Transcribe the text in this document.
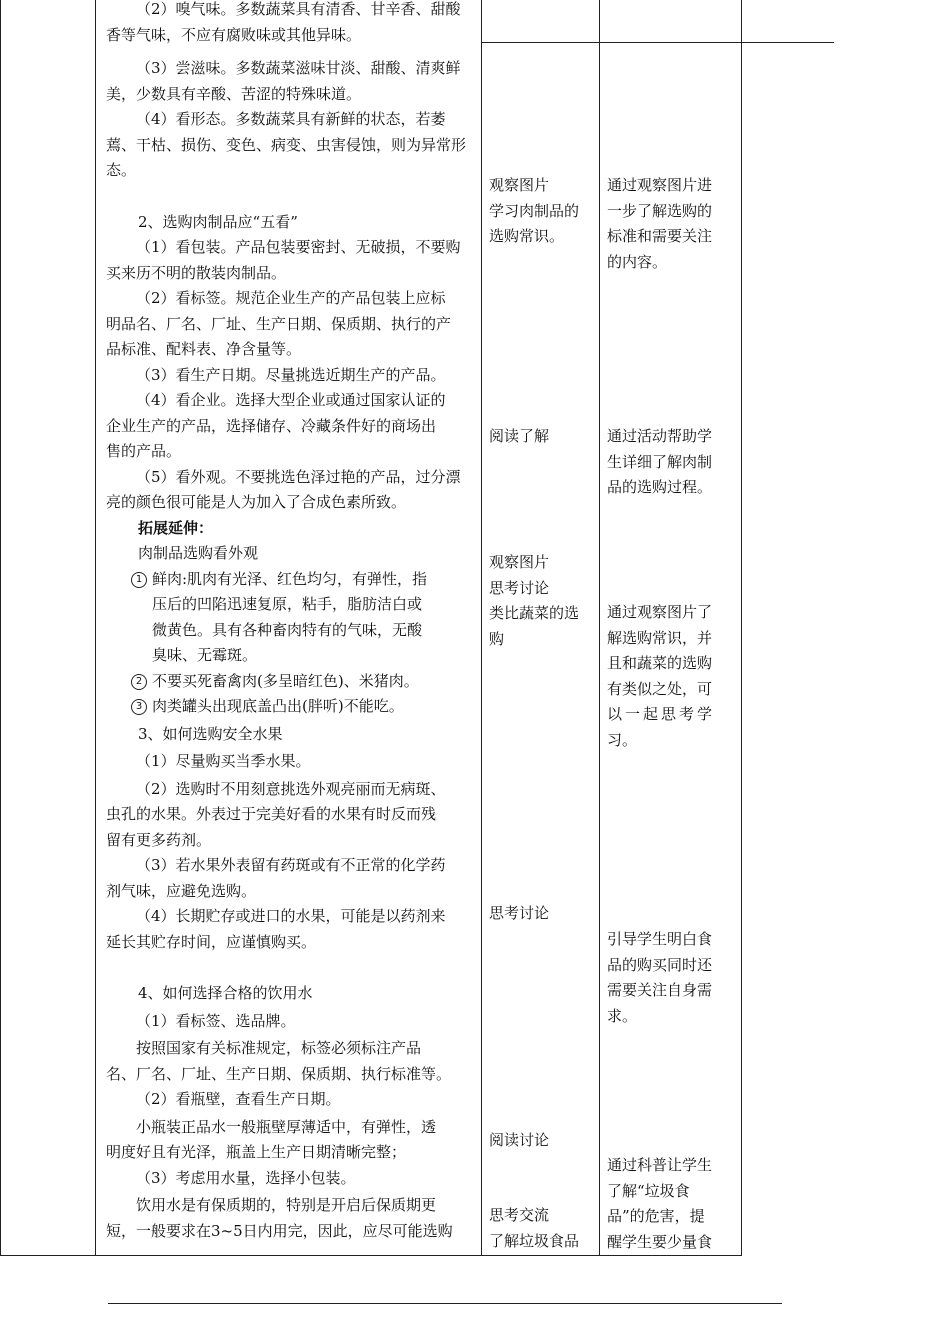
（2）嗅气味。多数蔬菜具有清香、甘辛香、甜酸

香等气味，不应有腐败味或其他异味。

（3）尝滋味。多数蔬菜滋味甘淡、甜酸、清爽鲜

美，少数具有辛酸、苦涩的特殊味道。

（4）看形态。多数蔬菜具有新鲜的状态，若萎

蔫、干枯、损伤、变色、病变、虫害侵蚀，则为异常形

态。

2、选购肉制品应“五看”

（1）看包装。产品包装要密封、无破损，不要购

买来历不明的散装肉制品。

（2）看标签。规范企业生产的产品包装上应标

明品名、厂名、厂址、生产日期、保质期、执行的产

品标准、配料表、净含量等。

（3）看生产日期。尽量挑选近期生产的产品。

（4）看企业。选择大型企业或通过国家认证的

企业生产的产品，选择储存、冷藏条件好的商场出

售的产品。

（5）看外观。不要挑选色泽过艳的产品，过分漂

亮的颜色很可能是人为加入了合成色素所致。

拓展延伸：

肉制品选购看外观

1 鲜肉:肌肉有光泽、红色均匀，有弹性，指

压后的凹陷迅速复原，粘手，脂肪洁白或

微黄色。具有各种畜肉特有的气味，无酸

臭味、无霉斑。

2 不要买死畜禽肉(多呈暗红色)、米猪肉。

3 肉类罐头出现底盖凸出(胖听)不能吃。

3、如何选购安全水果

（1）尽量购买当季水果。

（2）选购时不用刻意挑选外观亮丽而无病斑、

虫孔的水果。外表过于完美好看的水果有时反而残

留有更多药剂。

（3）若水果外表留有药斑或有不正常的化学药

剂气味，应避免选购。

（4）长期贮存或进口的水果，可能是以药剂来

延长其贮存时间，应谨慎购买。

4、如何选择合格的饮用水

（1）看标签、选品牌。

按照国家有关标准规定，标签必须标注产品

名、厂名、厂址、生产日期、保质期、执行标准等。

（2）看瓶壁，查看生产日期。

小瓶装正品水一般瓶壁厚薄适中，有弹性，透

明度好且有光泽，瓶盖上生产日期清晰完整；

（3）考虑用水量，选择小包装。

饮用水是有保质期的，特别是开启后保质期更

短，一般要求在3~5日内用完，因此，应尽可能选购

观察图片

学习肉制品的

选购常识。

阅读了解

观察图片

思考讨论

类比蔬菜的选

购

思考讨论

阅读讨论

思考交流

了解垃圾食品

通过观察图片进

一步了解选购的

标准和需要关注

的内容。

通过活动帮助学

生详细了解肉制

品的选购过程。

通过观察图片了

解选购常识，并

且和蔬菜的选购

有类似之处，可

以一起思考学

习。

引导学生明白食

品的购买同时还

需要关注自身需

求。

通过科普让学生

了解“垃圾食

品”的危害，提

醒学生要少量食
